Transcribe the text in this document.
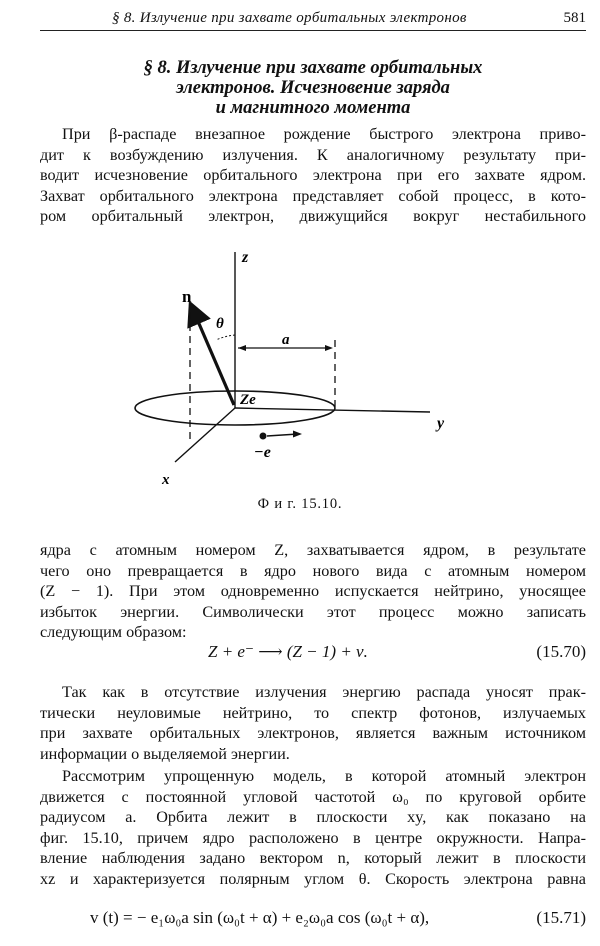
§ 8. Излучение при захвате орбитальных электронов	581
§ 8. Излучение при захвате орбитальных
электронов. Исчезновение заряда
и магнитного момента
При β-распаде внезапное рождение быстрого электрона приво-
дит к возбуждению излучения. К аналогичному результату при-
водит исчезновение орбитального электрона при его захвате ядром.
Захват орбитального электрона представляет собой процесс, в кото-
ром орбитальный электрон, движущийся вокруг нестабильного
z
y
x
n
θ
a
Ze
−e
Ф и г. 15.10.
ядра с атомным номером Z, захватывается ядром, в результате
чего оно превращается в ядро нового вида с атомным номером
(Z − 1). При этом одновременно испускается нейтрино, уносящее
избыток энергии. Символически этот процесс можно записать
следующим образом:
Z + e⁻ ⟶ (Z − 1) + ν.	(15.70)
Так как в отсутствие излучения энергию распада уносят прак-
тически неуловимые нейтрино, то спектр фотонов, излучаемых
при захвате орбитальных электронов, является важным источником
информации о выделяемой энергии.
Рассмотрим упрощенную модель, в которой атомный электрон
движется с постоянной угловой частотой ω₀ по круговой орбите
радиусом a. Орбита лежит в плоскости xy, как показано на
фиг. 15.10, причем ядро расположено в центре окружности. Напра-
вление наблюдения задано вектором n, который лежит в плоскости
xz и характеризуется полярным углом θ. Скорость электрона равна
v (t) = − e₁ω₀a sin (ω₀t + α) + e₂ω₀a cos (ω₀t + α),	(15.71)
